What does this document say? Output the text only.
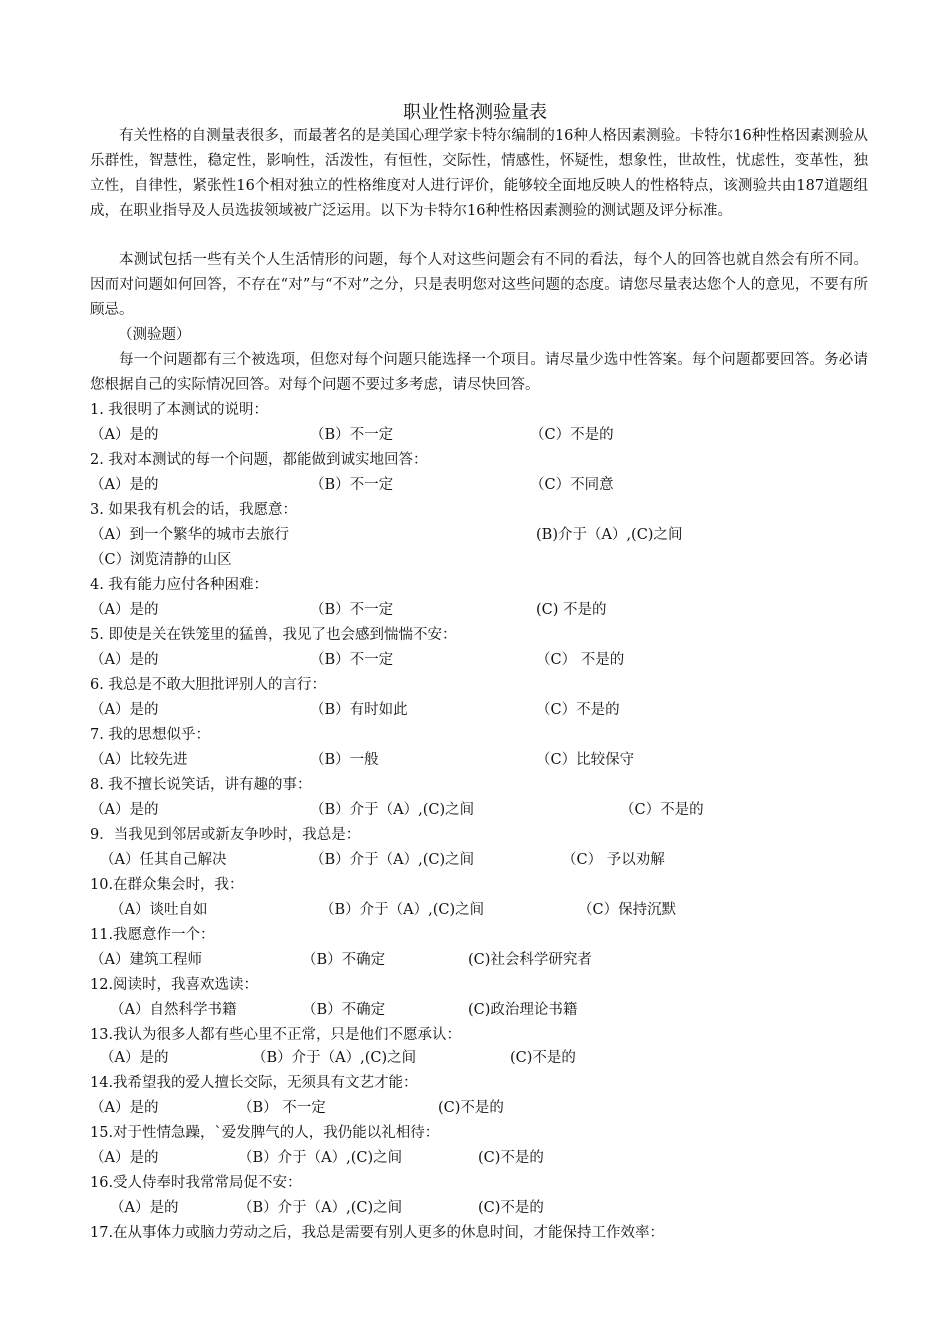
职业性格测验量表

有关性格的自测量表很多，而最著名的是美国心理学家卡特尔编制的16种人格因素测验。卡特尔16种性格因素测验从乐群性，智慧性，稳定性，影响性，活泼性，有恒性，交际性，情感性，怀疑性，想象性，世故性，忧虑性，变革性，独立性，自律性，紧张性16个相对独立的性格维度对人进行评价，能够较全面地反映人的性格特点，该测验共由187道题组成，在职业指导及人员选拔领域被广泛运用。以下为卡特尔16种性格因素测验的测试题及评分标准。

本测试包括一些有关个人生活情形的问题，每个人对这些问题会有不同的看法，每个人的回答也就自然会有所不同。因而对问题如何回答，不存在“对”与“不对”之分，只是表明您对这些问题的态度。请您尽量表达您个人的意见，不要有所顾忌。

（测验题）

每一个问题都有三个被选项，但您对每个问题只能选择一个项目。请尽量少选中性答案。每个问题都要回答。务必请您根据自己的实际情况回答。对每个问题不要过多考虑，请尽快回答。

1. 我很明了本测试的说明：
（A）是的	（B）不一定	（C）不是的
2. 我对本测试的每一个问题，都能做到诚实地回答：
（A）是的	（B）不一定	（C）不同意
3. 如果我有机会的话，我愿意：
（A）到一个繁华的城市去旅行	(B)介于（A）,(C)之间
（C）浏览清静的山区
4. 我有能力应付各种困难：
（A）是的	（B）不一定	(C) 不是的
5. 即使是关在铁笼里的猛兽，我见了也会感到惴惴不安：
（A）是的	（B）不一定	（C） 不是的
6. 我总是不敢大胆批评别人的言行：
（A）是的	（B）有时如此	（C）不是的
7. 我的思想似乎：
（A）比较先进	（B）一般	（C）比较保守
8. 我不擅长说笑话，讲有趣的事：
（A）是的	（B）介于（A）,(C)之间	（C）不是的
9．当我见到邻居或新友争吵时，我总是：
（A）任其自己解决	（B）介于（A）,(C)之间	（C） 予以劝解
10.在群众集会时，我：
（A）谈吐自如	（B）介于（A）,(C)之间	（C）保持沉默
11.我愿意作一个：
（A）建筑工程师	（B）不确定	(C)社会科学研究者
12.阅读时，我喜欢选读：
（A）自然科学书籍	（B）不确定	(C)政治理论书籍
13.我认为很多人都有些心里不正常，只是他们不愿承认：
（A）是的	（B）介于（A）,(C)之间	(C)不是的
14.我希望我的爱人擅长交际，无须具有文艺才能：
（A）是的	（B） 不一定	(C)不是的
15.对于性情急躁，`爱发脾气的人，我仍能以礼相待：
（A）是的	（B）介于（A）,(C)之间	(C)不是的
16.受人侍奉时我常常局促不安：
（A）是的	（B）介于（A）,(C)之间	(C)不是的
17.在从事体力或脑力劳动之后，我总是需要有别人更多的休息时间，才能保持工作效率：
